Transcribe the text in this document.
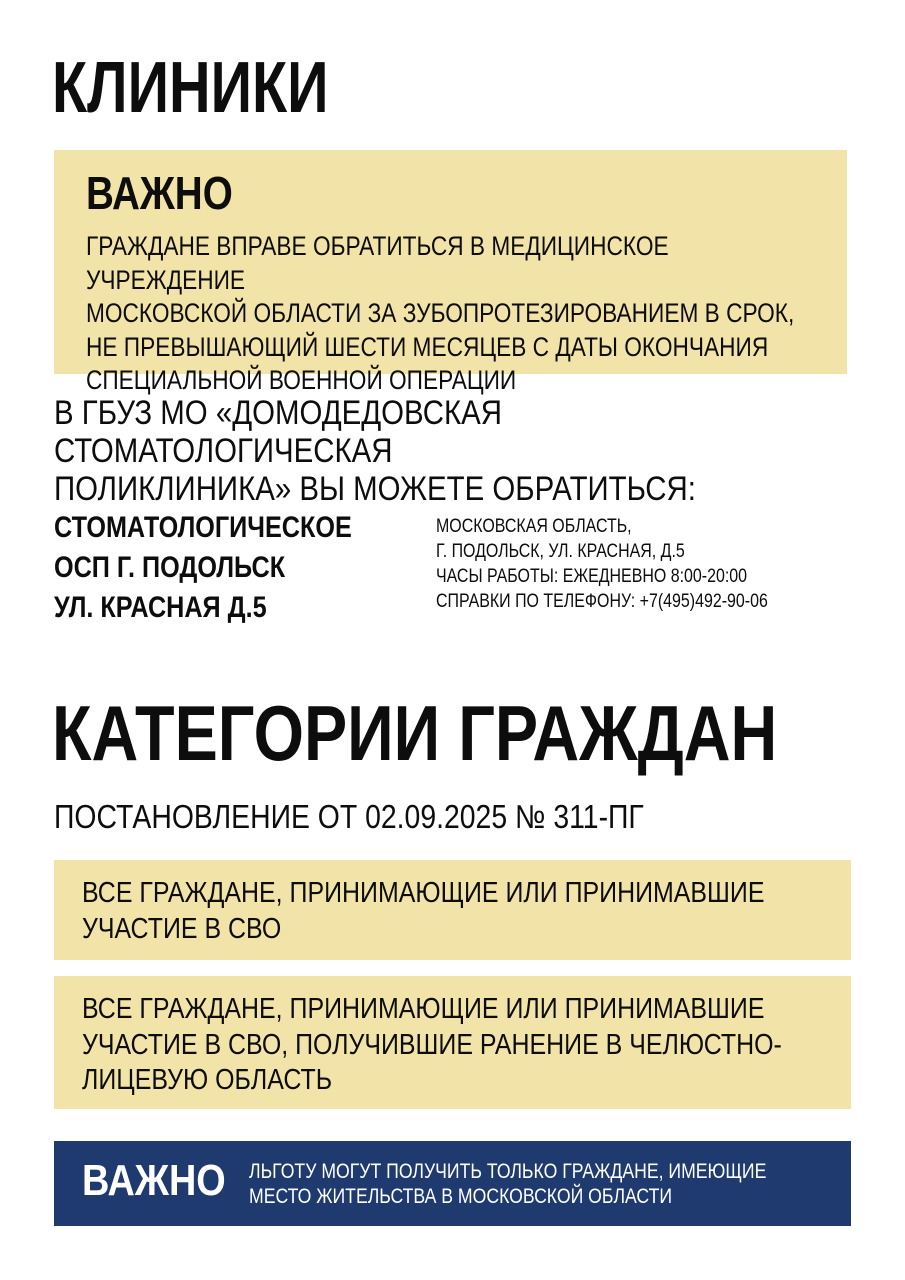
КЛИНИКИ
ВАЖНО
ГРАЖДАНЕ ВПРАВЕ ОБРАТИТЬСЯ В МЕДИЦИНСКОЕ УЧРЕЖДЕНИЕ
МОСКОВСКОЙ ОБЛАСТИ ЗА ЗУБОПРОТЕЗИРОВАНИЕМ В СРОК,
НЕ ПРЕВЫШАЮЩИЙ ШЕСТИ МЕСЯЦЕВ С ДАТЫ ОКОНЧАНИЯ
СПЕЦИАЛЬНОЙ ВОЕННОЙ ОПЕРАЦИИ
В ГБУЗ МО «ДОМОДЕДОВСКАЯ СТОМАТОЛОГИЧЕСКАЯ
ПОЛИКЛИНИКА» ВЫ МОЖЕТЕ ОБРАТИТЬСЯ:
СТОМАТОЛОГИЧЕСКОЕ
ОСП Г. ПОДОЛЬСК
УЛ. КРАСНАЯ Д.5
МОСКОВСКАЯ ОБЛАСТЬ,
Г. ПОДОЛЬСК, УЛ. КРАСНАЯ, Д.5
ЧАСЫ РАБОТЫ: ЕЖЕДНЕВНО 8:00-20:00
СПРАВКИ ПО ТЕЛЕФОНУ: +7(495)492-90-06
КАТЕГОРИИ ГРАЖДАН
ПОСТАНОВЛЕНИЕ ОТ 02.09.2025 № 311-ПГ
ВСЕ ГРАЖДАНЕ, ПРИНИМАЮЩИЕ ИЛИ ПРИНИМАВШИЕ
УЧАСТИЕ В СВО
ВСЕ ГРАЖДАНЕ, ПРИНИМАЮЩИЕ ИЛИ ПРИНИМАВШИЕ
УЧАСТИЕ В СВО, ПОЛУЧИВШИЕ РАНЕНИЕ В ЧЕЛЮСТНО-
ЛИЦЕВУЮ ОБЛАСТЬ
ВАЖНО ЛЬГОТУ МОГУТ ПОЛУЧИТЬ ТОЛЬКО ГРАЖДАНЕ, ИМЕЮЩИЕ
МЕСТО ЖИТЕЛЬСТВА В МОСКОВСКОЙ ОБЛАСТИ
